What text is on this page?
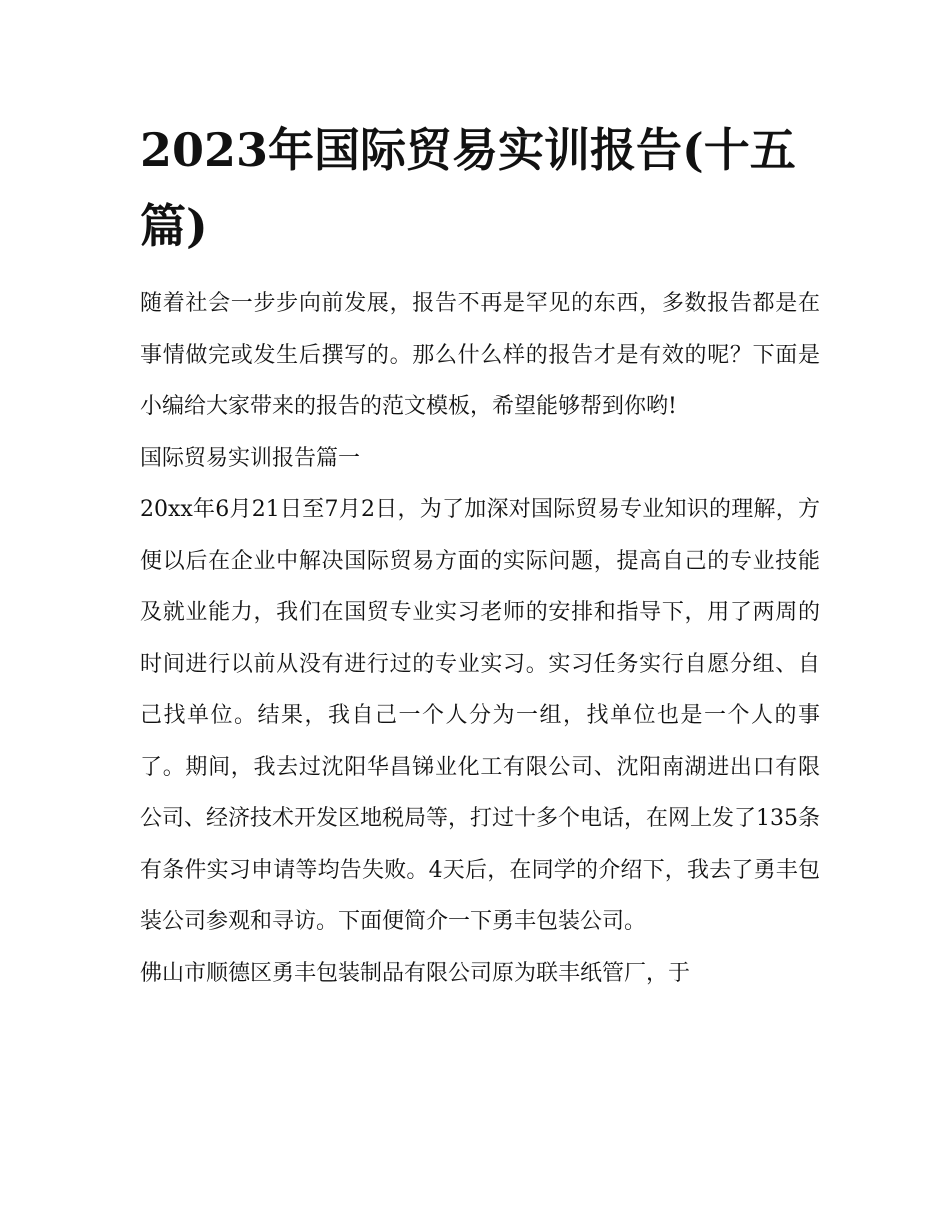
2023年国际贸易实训报告(十五篇)

随着社会一步步向前发展，报告不再是罕见的东西，多数报告都是在事情做完或发生后撰写的。那么什么样的报告才是有效的呢？下面是小编给大家带来的报告的范文模板，希望能够帮到你哟!

国际贸易实训报告篇一

20xx年6月21日至7月2日，为了加深对国际贸易专业知识的理解，方便以后在企业中解决国际贸易方面的实际问题，提高自己的专业技能及就业能力，我们在国贸专业实习老师的安排和指导下，用了两周的时间进行以前从没有进行过的专业实习。实习任务实行自愿分组、自己找单位。结果，我自己一个人分为一组，找单位也是一个人的事了。期间，我去过沈阳华昌锑业化工有限公司、沈阳南湖进出口有限公司、经济技术开发区地税局等，打过十多个电话，在网上发了135条有条件实习申请等均告失败。4天后，在同学的介绍下，我去了勇丰包装公司参观和寻访。下面便简介一下勇丰包装公司。

佛山市顺德区勇丰包装制品有限公司原为联丰纸管厂，于
